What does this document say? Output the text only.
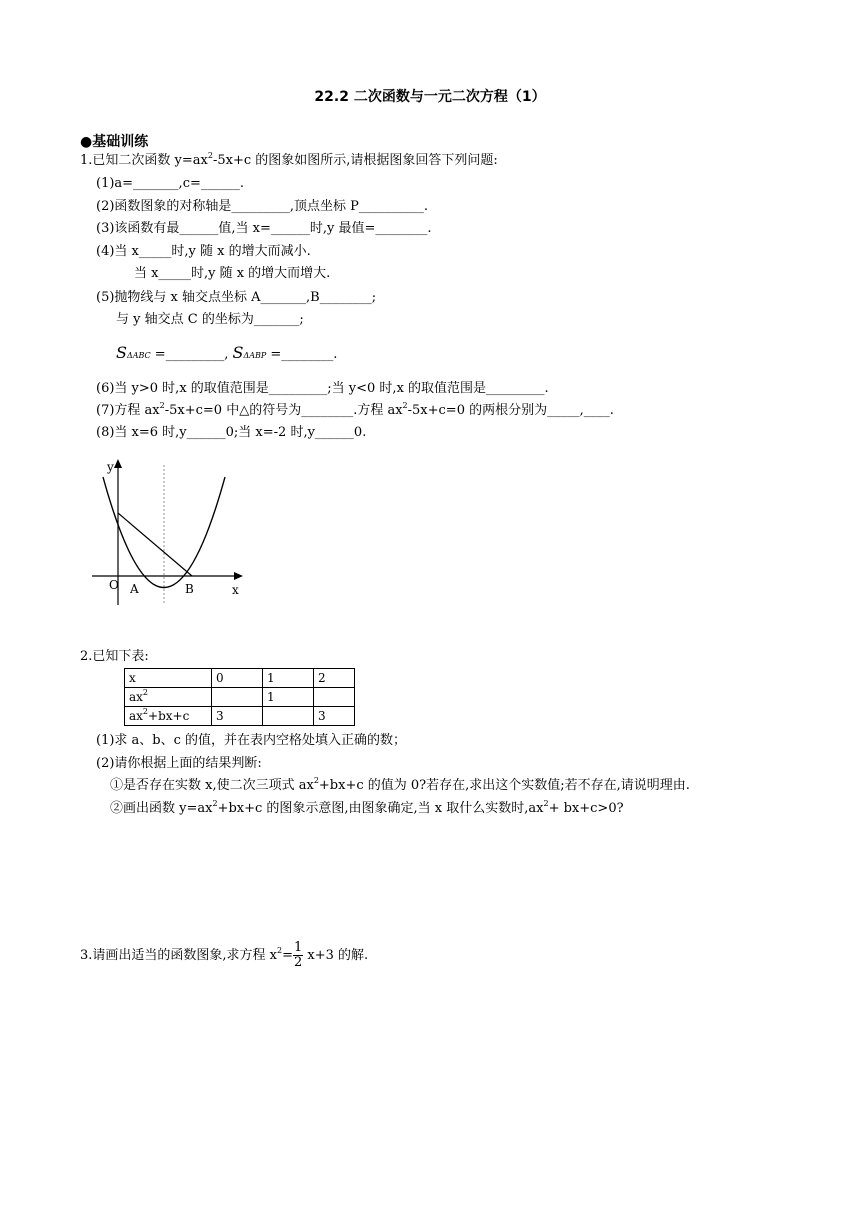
22.2 二次函数与一元二次方程（1）
●基础训练
1.已知二次函数 $y=ax^2-5x+c$ 的图象如图所示,请根据图象回答下列问题:
(1)a=_______,c=______.
(2)函数图象的对称轴是_________,顶点坐标 P__________.
(3)该函数有最______值,当 x=______时,y 最值=________.
(4)当 x_____时,y 随 x 的增大而减小.
当 x_____时,y 随 x 的增大而增大.
(5)抛物线与 x 轴交点坐标 A_______,B________;
与 y 轴交点 C 的坐标为_______;
SΔABC =_________, SΔABP =________.
(6)当 y>0 时,x 的取值范围是_________;当 y<0 时,x 的取值范围是_________.
(7)方程 $ax^2-5x+c=0$ 中△的符号为________.方程 $ax^2-5x+c=0$ 的两根分别为_____,____.
(8)当 x=6 时,y______0;当 x=-2 时,y______0.
y
x
O A	B
2.已知下表:
x	0	1	2
$ax^2$		1	
$ax^2+bx+c$	3		3
(1)求 a、b、c 的值，并在表内空格处填入正确的数；
(2)请你根据上面的结果判断:
①是否存在实数 x,使二次三项式 $ax^2+bx+c$ 的值为 0?若存在,求出这个实数值;若不存在,请说明理由.
②画出函数 $y=ax^2+bx+c$ 的图象示意图,由图象确定,当 x 取什么实数时$,ax^2+ bx+c>0$?
3.请画出适当的函数图象,求方程 $x^2= \frac{1}{2} x+3$ 的解.
